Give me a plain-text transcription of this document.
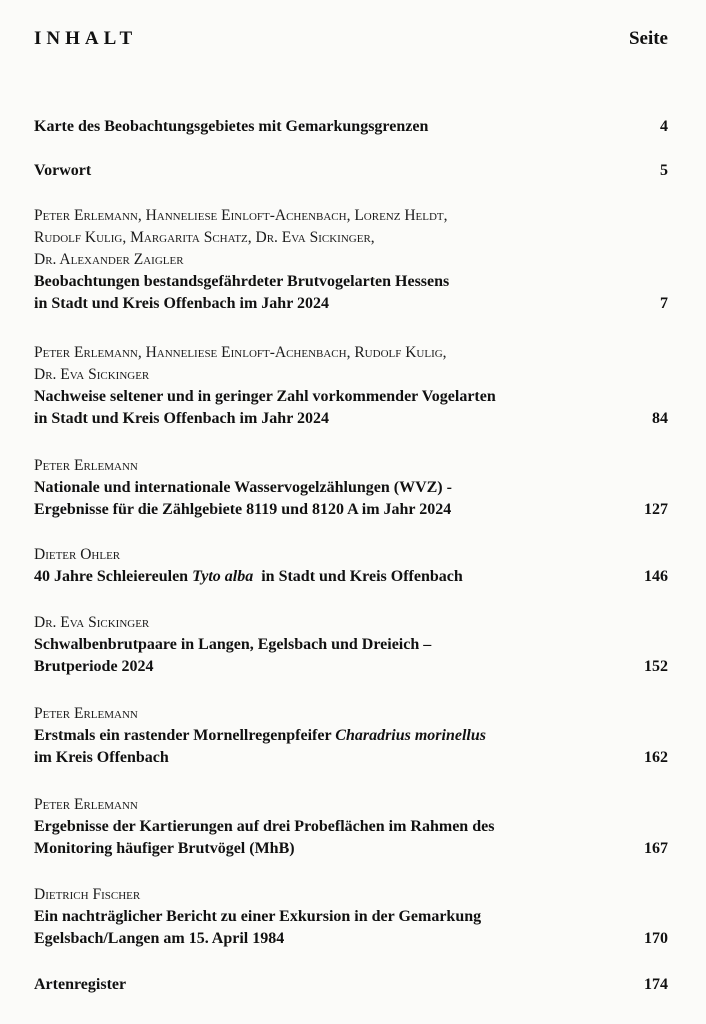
INHALT	Seite
Karte des Beobachtungsgebietes mit Gemarkungsgrenzen	4
Vorwort	5
Peter Erlemann, Hanneliese Einloft-Achenbach, Lorenz Heldt,
Rudolf Kulig, Margarita Schatz, Dr. Eva Sickinger,
Dr. Alexander Zaigler
Beobachtungen bestandsgefährdeter Brutvogelarten Hessens
in Stadt und Kreis Offenbach im Jahr 2024	7
Peter Erlemann, Hanneliese Einloft-Achenbach, Rudolf Kulig,
Dr. Eva Sickinger
Nachweise seltener und in geringer Zahl vorkommender Vogelarten
in Stadt und Kreis Offenbach im Jahr 2024	84
Peter Erlemann
Nationale und internationale Wasservogelzählungen (WVZ) -
Ergebnisse für die Zählgebiete 8119 und 8120 A im Jahr 2024	127
Dieter Ohler
40 Jahre Schleiereulen Tyto alba  in Stadt und Kreis Offenbach	146
Dr. Eva Sickinger
Schwalbenbrutpaare in Langen, Egelsbach und Dreieich –
Brutperiode 2024	152
Peter Erlemann
Erstmals ein rastender Mornellregenpfeifer Charadrius morinellus
im Kreis Offenbach	162
Peter Erlemann
Ergebnisse der Kartierungen auf drei Probeflächen im Rahmen des
Monitoring häufiger Brutvögel (MhB)	167
Dietrich Fischer
Ein nachträglicher Bericht zu einer Exkursion in der Gemarkung
Egelsbach/Langen am 15. April 1984	170
Artenregister	174
